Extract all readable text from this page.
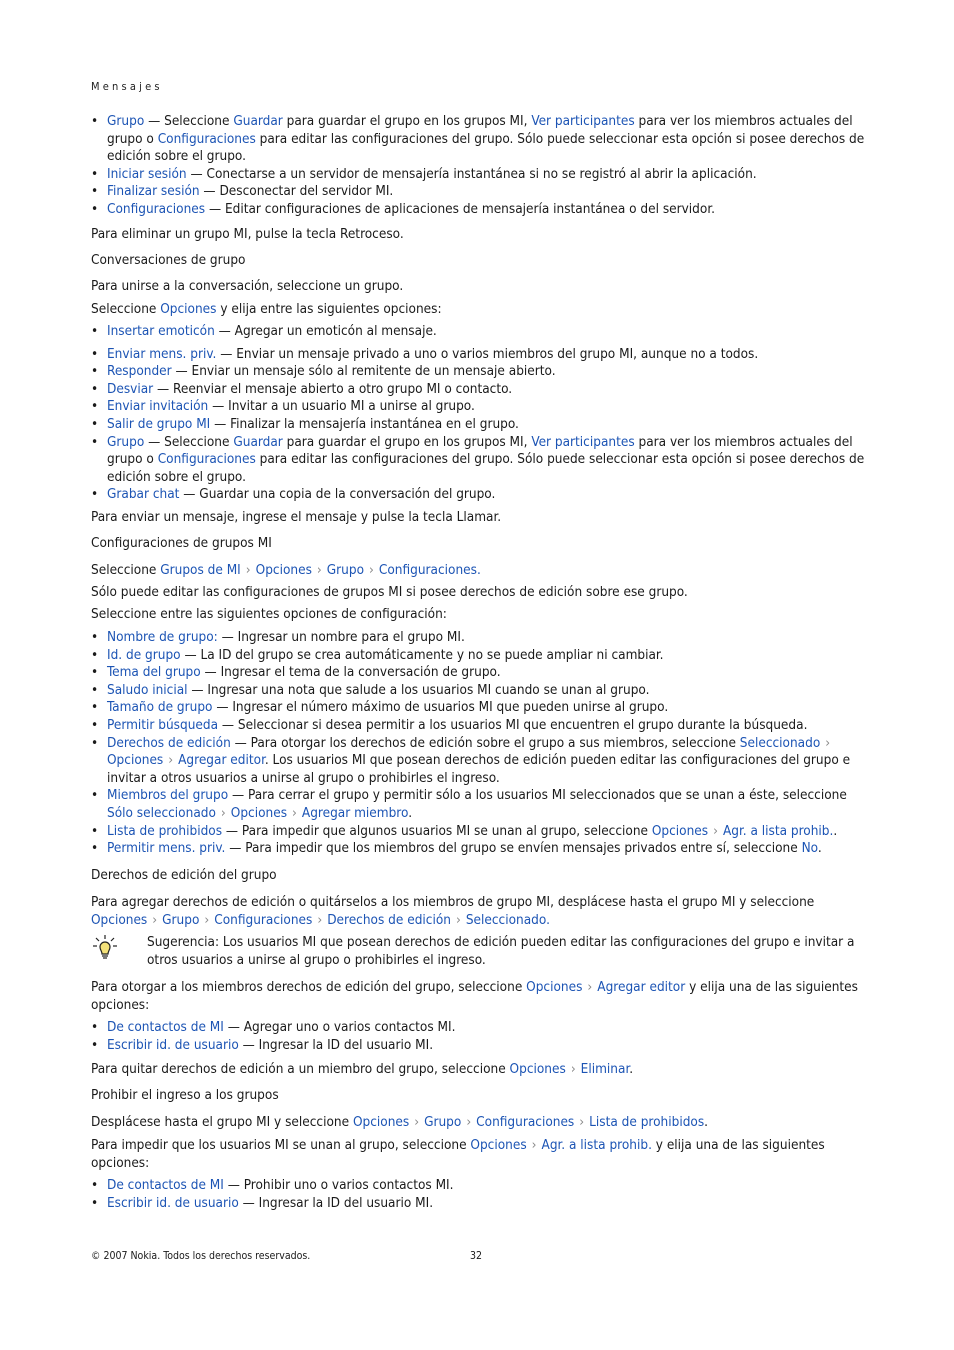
Mensajes
• Grupo — Seleccione Guardar para guardar el grupo en los grupos MI, Ver participantes para ver los miembros actuales del grupo o Configuraciones para editar las configuraciones del grupo. Sólo puede seleccionar esta opción si posee derechos de edición sobre el grupo.
• Iniciar sesión — Conectarse a un servidor de mensajería instantánea si no se registró al abrir la aplicación.
• Finalizar sesión — Desconectar del servidor MI.
• Configuraciones — Editar configuraciones de aplicaciones de mensajería instantánea o del servidor.

Para eliminar un grupo MI, pulse la tecla Retroceso.

Conversaciones de grupo

Para unirse a la conversación, seleccione un grupo.

Seleccione Opciones y elija entre las siguientes opciones:

• Insertar emoticón — Agregar un emoticón al mensaje.
• Enviar mens. priv. — Enviar un mensaje privado a uno o varios miembros del grupo MI, aunque no a todos.
• Responder — Enviar un mensaje sólo al remitente de un mensaje abierto.
• Desviar — Reenviar el mensaje abierto a otro grupo MI o contacto.
• Enviar invitación — Invitar a un usuario MI a unirse al grupo.
• Salir de grupo MI — Finalizar la mensajería instantánea en el grupo.
• Grupo — Seleccione Guardar para guardar el grupo en los grupos MI, Ver participantes para ver los miembros actuales del grupo o Configuraciones para editar las configuraciones del grupo. Sólo puede seleccionar esta opción si posee derechos de edición sobre el grupo.
• Grabar chat — Guardar una copia de la conversación del grupo.

Para enviar un mensaje, ingrese el mensaje y pulse la tecla Llamar.

Configuraciones de grupos MI

Seleccione Grupos de MI › Opciones › Grupo › Configuraciones.

Sólo puede editar las configuraciones de grupos MI si posee derechos de edición sobre ese grupo.

Seleccione entre las siguientes opciones de configuración:

• Nombre de grupo: — Ingresar un nombre para el grupo MI.
• Id. de grupo — La ID del grupo se crea automáticamente y no se puede ampliar ni cambiar.
• Tema del grupo — Ingresar el tema de la conversación de grupo.
• Saludo inicial — Ingresar una nota que salude a los usuarios MI cuando se unan al grupo.
• Tamaño de grupo — Ingresar el número máximo de usuarios MI que pueden unirse al grupo.
• Permitir búsqueda — Seleccionar si desea permitir a los usuarios MI que encuentren el grupo durante la búsqueda.
• Derechos de edición — Para otorgar los derechos de edición sobre el grupo a sus miembros, seleccione Seleccionado ›Opciones › Agregar editor. Los usuarios MI que posean derechos de edición pueden editar las configuraciones del grupo e invitar a otros usuarios a unirse al grupo o prohibirles el ingreso.
• Miembros del grupo — Para cerrar el grupo y permitir sólo a los usuarios MI seleccionados que se unan a éste, seleccione Sólo seleccionado › Opciones › Agregar miembro.
• Lista de prohibidos — Para impedir que algunos usuarios MI se unan al grupo, seleccione Opciones › Agr. a lista prohib..
• Permitir mens. priv. — Para impedir que los miembros del grupo se envíen mensajes privados entre sí, seleccione No.

Derechos de edición del grupo

Para agregar derechos de edición o quitárselos a los miembros de grupo MI, desplácese hasta el grupo MI y seleccione
Opciones › Grupo › Configuraciones › Derechos de edición › Seleccionado.

Sugerencia: Los usuarios MI que posean derechos de edición pueden editar las configuraciones del grupo e invitar a otros usuarios a unirse al grupo o prohibirles el ingreso.

Para otorgar a los miembros derechos de edición del grupo, seleccione Opciones › Agregar editor y elija una de las siguientes opciones:

• De contactos de MI — Agregar uno o varios contactos MI.
• Escribir id. de usuario — Ingresar la ID del usuario MI.

Para quitar derechos de edición a un miembro del grupo, seleccione Opciones › Eliminar.

Prohibir el ingreso a los grupos

Desplácese hasta el grupo MI y seleccione Opciones › Grupo › Configuraciones › Lista de prohibidos.

Para impedir que los usuarios MI se unan al grupo, seleccione Opciones › Agr. a lista prohib. y elija una de las siguientes opciones:

• De contactos de MI — Prohibir uno o varios contactos MI.
• Escribir id. de usuario — Ingresar la ID del usuario MI.
© 2007 Nokia. Todos los derechos reservados.	32
